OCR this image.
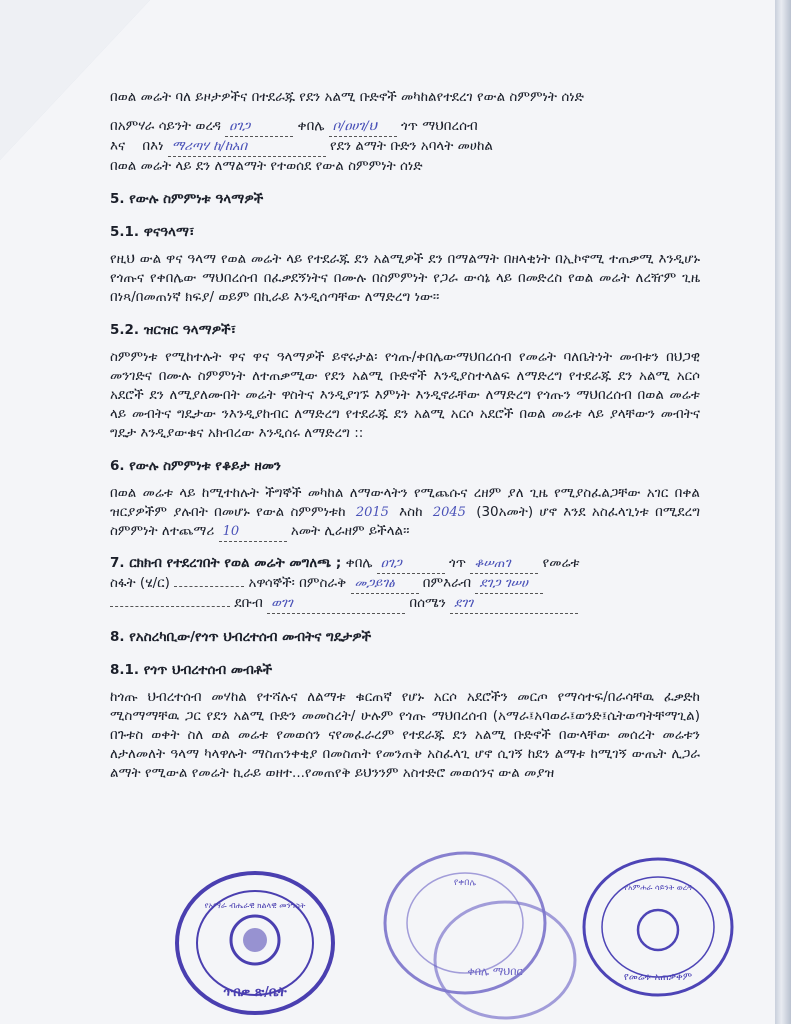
በወል መሬት ባለ ይዞታዎችና በተደራጁ የደን አልሚ ቡድኖች መካከልየተደረገ የውል ስምምነት ሰነድ

በአምሃራ ሳይንት ወረዳ ዐገጋ	ቀበሌ ቦ/ዐሀገ/ህ ጎጥ ማህበረሰብ
እና በእነ ማሪጣሃ ከ/ከአበ	የደን ልማት ቡድን አባላት መሀከል
በወል መሬት ላይ ደን ለማልማት የተወሰደ የውል ስምምነት ሰነድ
5. የውሉ ስምምነቱ ዓላማዎች
5.1. ዋናዓላማ፣

የዚህ ውል ዋና ዓላማ የወል መሬት ላይ የተደራጁ ደን አልሚዎች ደን በማልማት በዘላቂነት በኢኮኖሚ ተጠቃሚ እንዲሆኑ የጎጡና የቀበሌው ማህበረሰብ በፈቃደኝነትና በሙሉ በስምምነት የጋራ ውሳኔ ላይ በመድረስ የወል መሬት ለረዥም ጊዜ በነጻ/በመጠነኛ ክፍያ/ ወይም በኪራይ እንዲሰጣቸው ለማድረግ ነው፡፡

5.2. ዝርዝር ዓላማዎች፣

ስምምነቱ የሚከተሉት ዋና ዋና ዓላማዎች ይኖሩታል፡ የጎጡ/ቀበሌውማህበረሰብ የመሬት ባለቤትነት መብቱን በህጋዊ መንገድና በሙሉ ስምምነት ለተጠቃሚው የደን አልሚ ቡድኖች እንዲያስተላልፍ ለማድረግ የተደራጁ ደን አልሚ አርሶ አደሮች ደን ለሚያለሙበት መሬት ዋስትና እንዲያገኙ እምነት እንዲኖራቸው ለማድረግ የጎጡን ማህበረሰብ በወል መሬቱ ላይ መብትና ግዴታው ንእንዲያከብር ለማድረግ የተደራጁ ደን አልሚ አርሶ አደሮች በወል መሬቱ ላይ ያላቸውን መብትና ግዴታ እንዲያውቁና አክብረው እንዲሰሩ ለማድረግ ::

6. የውሉ ስምምነቱ የቆይታ ዘመን

በወል መሬቱ ላይ ከሚተከሉት ችግኞች መካከል ለማውላትን የሚጨሱና ረዘም ያለ ጊዜ የሚያስፈልጋቸው አገር በቀል ዝርያዎችም ያሉበት በመሆኑ የውል ስምምነቱከ 2015 እስከ 2045 (30አመት) ሆኖ እንደ አስፈላጊነቱ በሚደረግ ስምምነት ለተጨማሪ 10	አመት ሊራዘም ይችላል፡፡

7. ርክክብ የተደረገበት የወል መሬት መግለጫ ; ቀበሌ ዐገጋ	ጎጥ ቆሠጠገ የመሬቱ
ስፋት (ሄ/ር)	አዋሳኞች፡ በምስራቅ መጋይገፅ በምእራብ ደገጋ ገሠሀ
ደቡብ ወገገ	በሰሜን ደገገ
8. የአስረካቢው/የጎጥ ህብረተሰብ መብትና ግዴታዎች
8.1. የጎጥ ህብረተሰብ መብቶች

ከጎጡ ህብረተሰብ መሃከል የተሻሉና ለልማቱ ቁርጠኛ የሆኑ አርሶ አደሮችን መርጦ የማሳተፍ/በራሳቸዉ ፈቃድከ ሚስማማቸዉ ጋር የደን አልሚ ቡድን መመስረት/ ሁሉም የጎጡ ማህበረሰብ (አማራ፤አባወራ፤ወንድ፤ሴትወጣትቸማጊል) በጉቱስ ወቀት ስለ ወል መሬቱ የመወሰን ናየመፈራረም የተደራጁ ደን አልሚ ቡድኖች በውላቸው መሰረት መሬቱን ለታለመለት ዓላማ ካላዋሉት ማስጠንቀቂያ በመስጠት የመንጠቅ አስፈላጊ ሆኖ ሲገኝ ከደን ልማቱ ከሚገኝ ውጤት ሊጋራ ልማት የሚውል የመሬት ኪራይ ወዘተ...የመጠየቅ ይህንንም አስተድሮ መወሰንና ውል መያዝ

የአማራ ብሔራዊ ክልላዊ መንግስት
ጥበቃ ጽ/ቤት
የቀበሌ
ቀበሌ ማህበር
የአምሐራ ሳይንት ወረዳ
የመሬቱ አጠቃቀም
